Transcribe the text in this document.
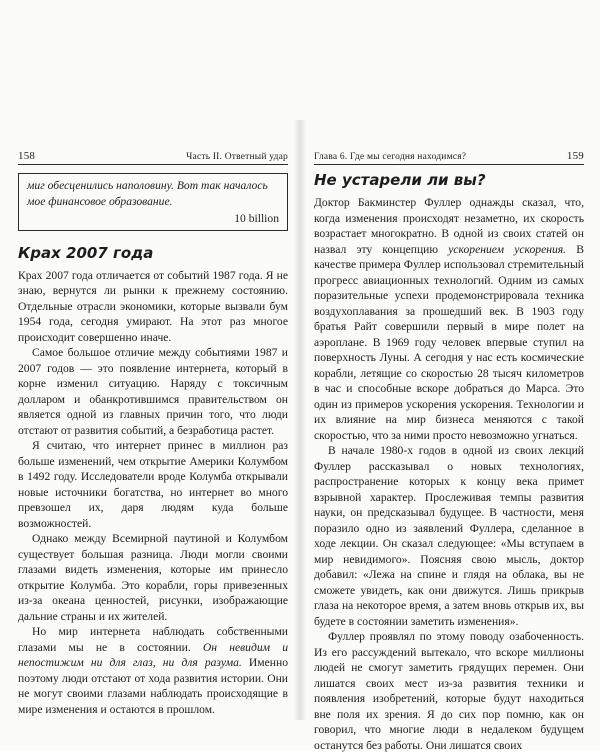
158	Часть II. Ответный удар
миг обесценились наполовину. Вот так началось мое финансовое образование.
10 billion
Крах 2007 года

Крах 2007 года отличается от событий 1987 года. Я не знаю, вернутся ли рынки к прежнему состоянию. Отдельные отрасли экономики, которые вызвали бум 1954 года, сегодня умирают. На этот раз многое происходит совершенно иначе.

Самое большое отличие между событиями 1987 и 2007 годов — это появление интернета, который в корне изменил ситуацию. Наряду с токсичным долларом и обанкротившимся правительством он является одной из главных причин того, что люди отстают от развития событий, а безработица растет.

Я считаю, что интернет принес в миллион раз больше изменений, чем открытие Америки Колумбом в 1492 году. Исследователи вроде Колумба открывали новые источники богатства, но интернет во много превзошел их, даря людям куда больше возможностей.

Однако между Всемирной паутиной и Колумбом существует большая разница. Люди могли своими глазами видеть изменения, которые им принесло открытие Колумба. Это корабли, горы привезенных из-за океана ценностей, рисунки, изображающие дальние страны и их жителей.

Но мир интернета наблюдать собственными глазами мы не в состоянии. Он невидим и непостижим ни для глаз, ни для разума. Именно поэтому люди отстают от хода развития истории. Они не могут своими глазами наблюдать происходящие в мире изменения и остаются в прошлом.

Глава 6. Где мы сегодня находимся?	159
Не устарели ли вы?

Доктор Бакминстер Фуллер однажды сказал, что, когда изменения происходят незаметно, их скорость возрастает многократно. В одной из своих статей он назвал эту концепцию ускорением ускорения. В качестве примера Фуллер использовал стремительный прогресс авиационных технологий. Одним из самых поразительные успехи продемонстрировала техника воздухоплавания за прошедший век. В 1903 году братья Райт совершили первый в мире полет на аэроплане. В 1969 году человек впервые ступил на поверхность Луны. А сегодня у нас есть космические корабли, летящие со скоростью 28 тысяч километров в час и способные вскоре добраться до Марса. Это один из примеров ускорения ускорения. Технологии и их влияние на мир бизнеса меняются с такой скоростью, что за ними просто невозможно угнаться.

В начале 1980-х годов в одной из своих лекций Фуллер рассказывал о новых технологиях, распространение которых к концу века примет взрывной характер. Прослеживая темпы развития науки, он предсказывал будущее. В частности, меня поразило одно из заявлений Фуллера, сделанное в ходе лекции. Он сказал следующее: «Мы вступаем в мир невидимого». Поясняя свою мысль, доктор добавил: «Лежа на спине и глядя на облака, вы не сможете увидеть, как они движутся. Лишь прикрыв глаза на некоторое время, а затем вновь открыв их, вы будете в состоянии заметить изменения».

Фуллер проявлял по этому поводу озабоченность. Из его рассуждений вытекало, что вскоре миллионы людей не смогут заметить грядущих перемен. Они лишатся своих мест из-за развития техники и появления изобретений, которые будут находиться вне поля их зрения. Я до сих пор помню, как он говорил, что многие люди в недалеком будущем останутся без работы. Они лишатся своих
